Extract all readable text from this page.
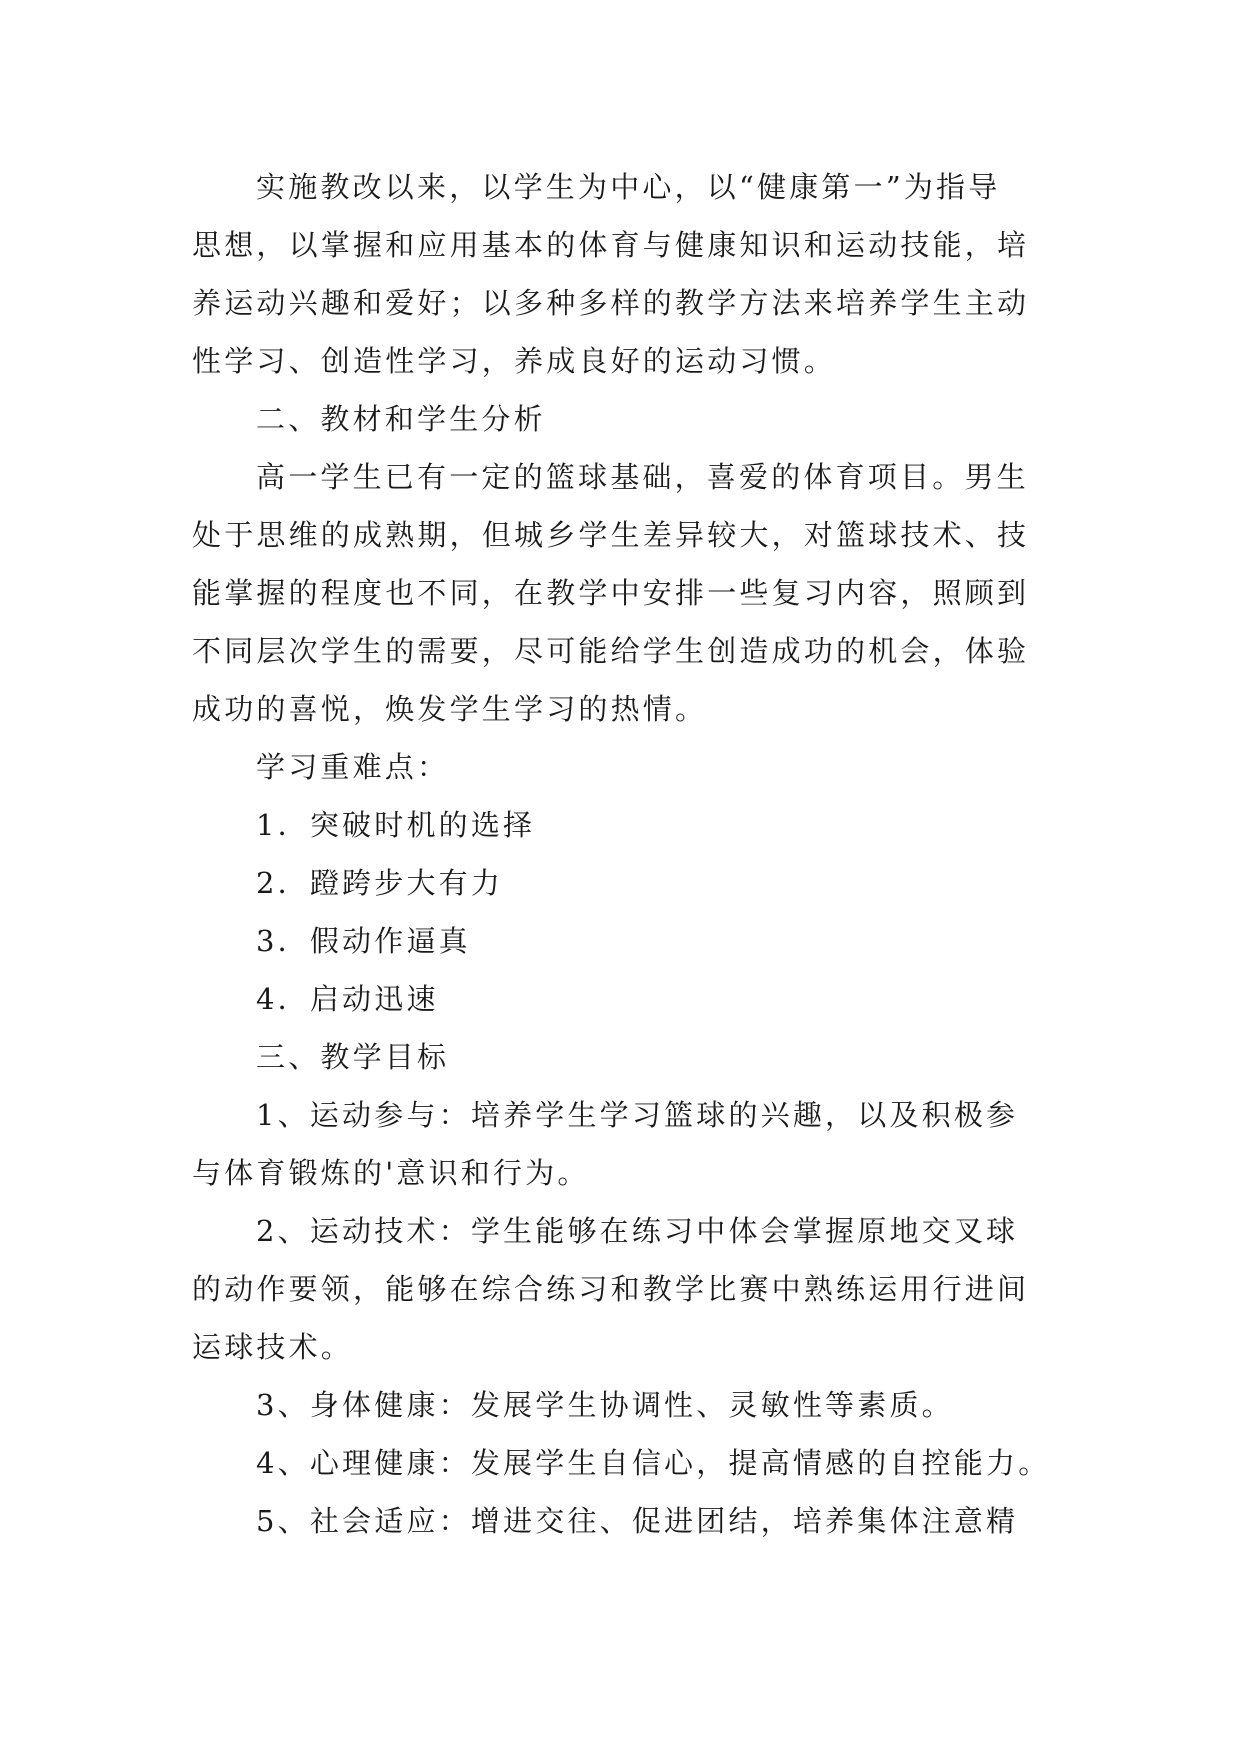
实施教改以来，以学生为中心，以“健康第一”为指导
思想，以掌握和应用基本的体育与健康知识和运动技能，培
养运动兴趣和爱好；以多种多样的教学方法来培养学生主动
性学习、创造性学习，养成良好的运动习惯。
二、教材和学生分析
高一学生已有一定的篮球基础，喜爱的体育项目。男生
处于思维的成熟期，但城乡学生差异较大，对篮球技术、技
能掌握的程度也不同，在教学中安排一些复习内容，照顾到
不同层次学生的需要，尽可能给学生创造成功的机会，体验
成功的喜悦，焕发学生学习的热情。
学习重难点：
1．突破时机的选择
2．蹬跨步大有力
3．假动作逼真
4．启动迅速
三、教学目标
1、运动参与：培养学生学习篮球的兴趣，以及积极参
与体育锻炼的'意识和行为。
2、运动技术：学生能够在练习中体会掌握原地交叉球
的动作要领，能够在综合练习和教学比赛中熟练运用行进间
运球技术。
3、身体健康：发展学生协调性、灵敏性等素质。
4、心理健康：发展学生自信心，提高情感的自控能力。
5、社会适应：增进交往、促进团结，培养集体注意精
